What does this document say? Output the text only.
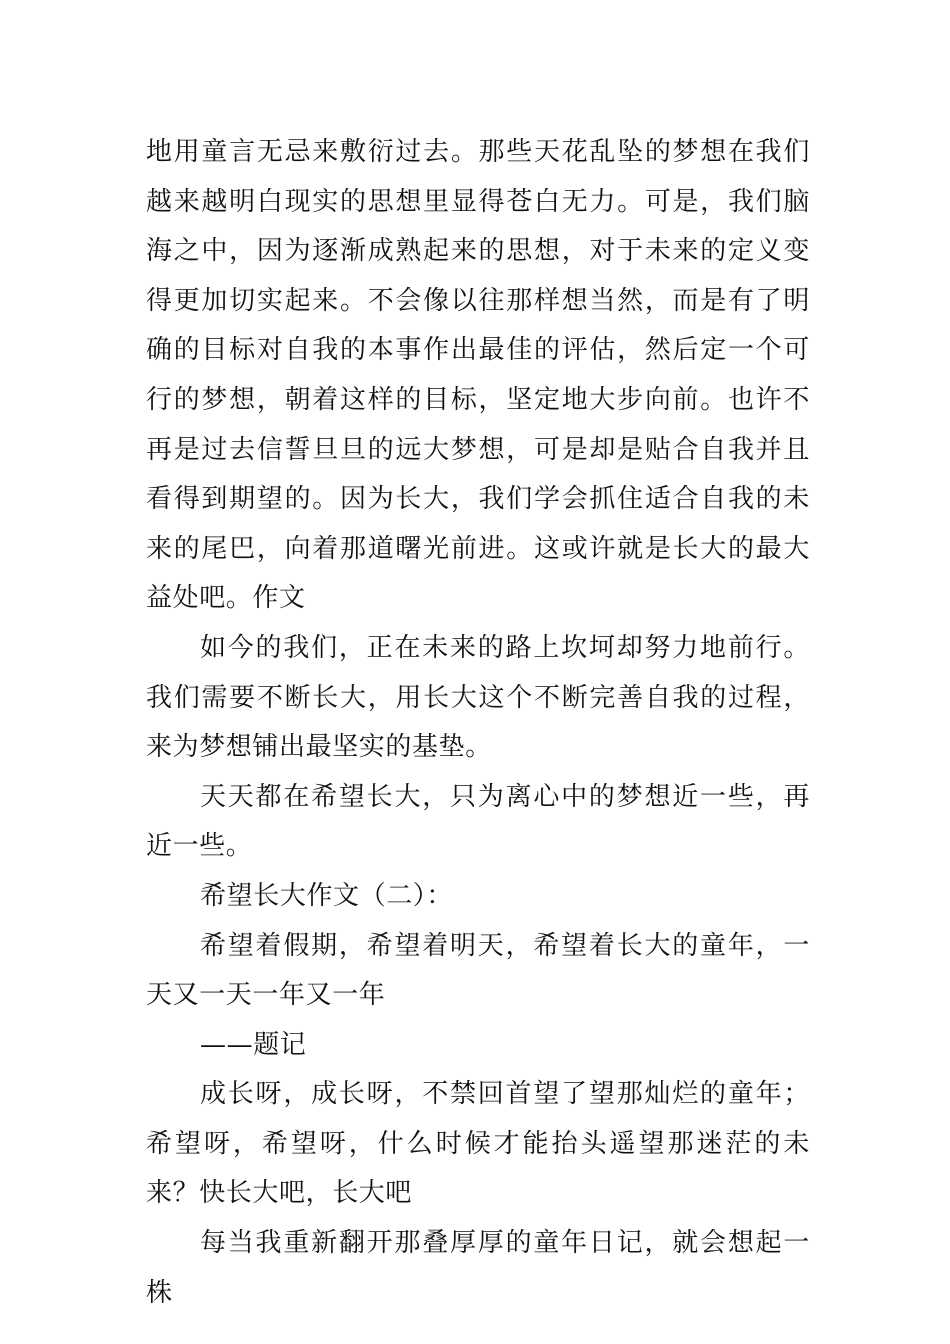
地用童言无忌来敷衍过去。那些天花乱坠的梦想在我们越来越明白现实的思想里显得苍白无力。可是，我们脑海之中，因为逐渐成熟起来的思想，对于未来的定义变得更加切实起来。不会像以往那样想当然，而是有了明确的目标对自我的本事作出最佳的评估，然后定一个可行的梦想，朝着这样的目标，坚定地大步向前。也许不再是过去信誓旦旦的远大梦想，可是却是贴合自我并且看得到期望的。因为长大，我们学会抓住适合自我的未来的尾巴，向着那道曙光前进。这或许就是长大的最大益处吧。作文

如今的我们，正在未来的路上坎坷却努力地前行。我们需要不断长大，用长大这个不断完善自我的过程，来为梦想铺出最坚实的基垫。

天天都在希望长大，只为离心中的梦想近一些，再近一些。

希望长大作文（二）：

希望着假期，希望着明天，希望着长大的童年，一天又一天一年又一年

——题记

成长呀，成长呀，不禁回首望了望那灿烂的童年；希望呀，希望呀，什么时候才能抬头遥望那迷茫的未来？快长大吧，长大吧

每当我重新翻开那叠厚厚的童年日记，就会想起一株
